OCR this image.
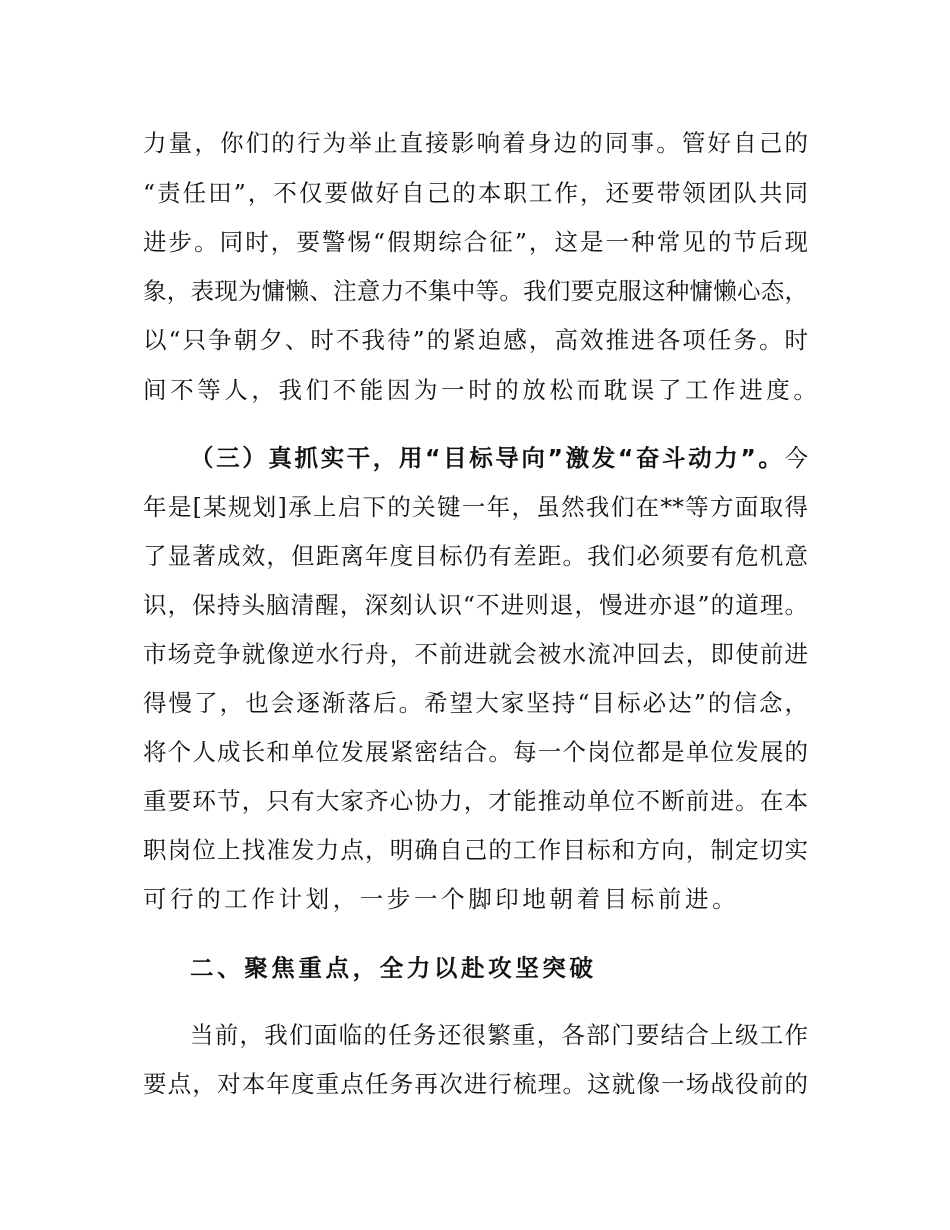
力量，你们的行为举止直接影响着身边的同事。管好自己的
“责任田”，不仅要做好自己的本职工作，还要带领团队共同
进步。同时，要警惕“假期综合征”，这是一种常见的节后现
象，表现为慵懒、注意力不集中等。我们要克服这种慵懒心态，
以“只争朝夕、时不我待”的紧迫感，高效推进各项任务。时
间不等人，我们不能因为一时的放松而耽误了工作进度。
（三）真抓实干，用“目标导向”激发“奋斗动力”。今
年是[某规划]承上启下的关键一年，虽然我们在**等方面取得
了显著成效，但距离年度目标仍有差距。我们必须要有危机意
识，保持头脑清醒，深刻认识“不进则退，慢进亦退”的道理。
市场竞争就像逆水行舟，不前进就会被水流冲回去，即使前进
得慢了，也会逐渐落后。希望大家坚持“目标必达”的信念，
将个人成长和单位发展紧密结合。每一个岗位都是单位发展的
重要环节，只有大家齐心协力，才能推动单位不断前进。在本
职岗位上找准发力点，明确自己的工作目标和方向，制定切实
可行的工作计划，一步一个脚印地朝着目标前进。
二、聚焦重点，全力以赴攻坚突破
当前，我们面临的任务还很繁重，各部门要结合上级工作
要点，对本年度重点任务再次进行梳理。这就像一场战役前的
